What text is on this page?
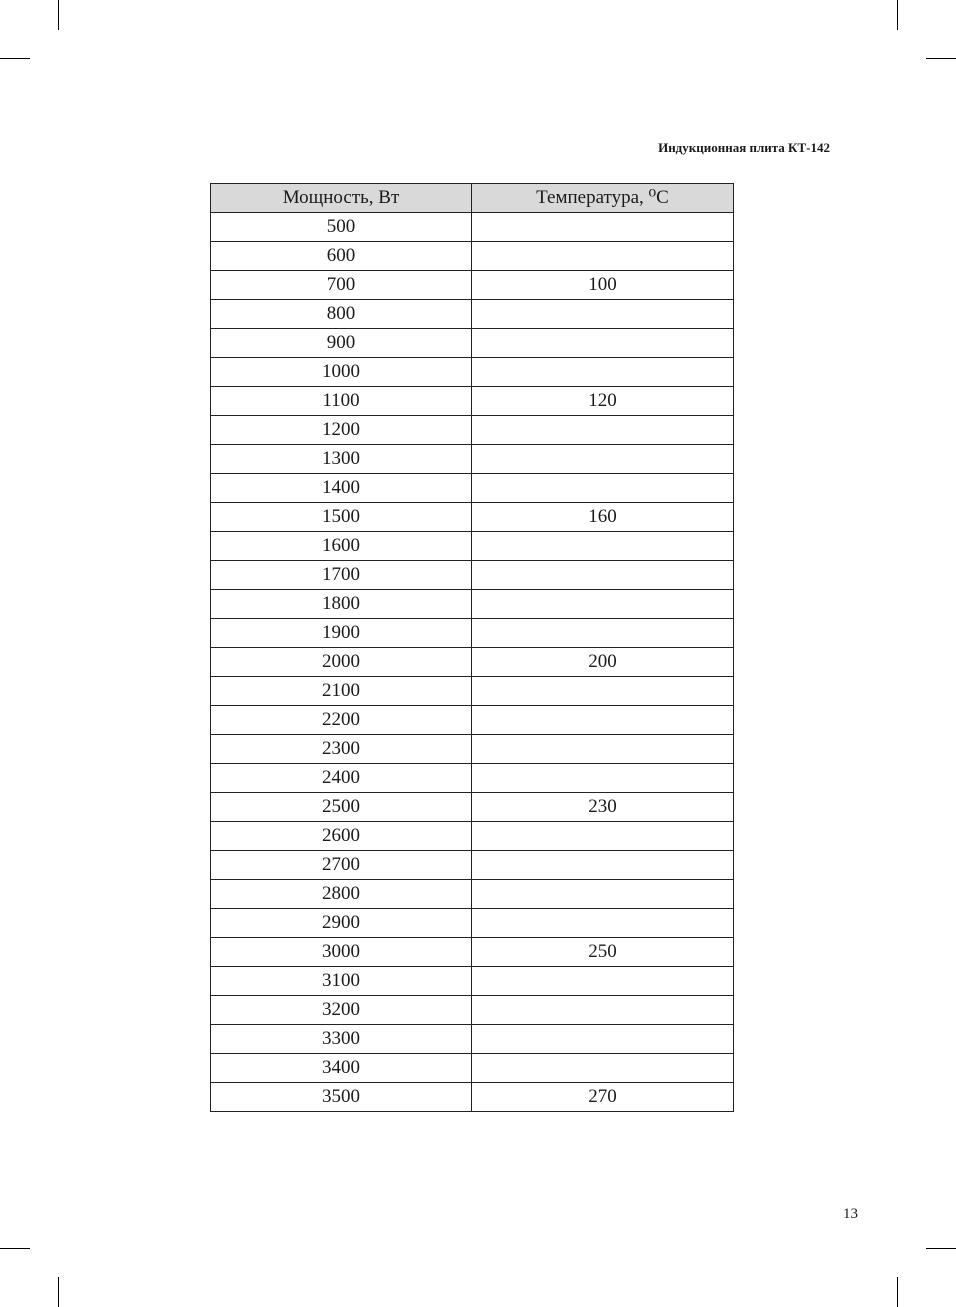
Индукционная плита КТ-142
Мощность, Вт	Температура, ⁰С
500	
600	
700	100
800	
900	
1000	
1100	120
1200	
1300	
1400	
1500	160
1600	
1700	
1800	
1900	
2000	200
2100	
2200	
2300	
2400	
2500	230
2600	
2700	
2800	
2900	
3000	250
3100	
3200	
3300	
3400	
3500	270
13
